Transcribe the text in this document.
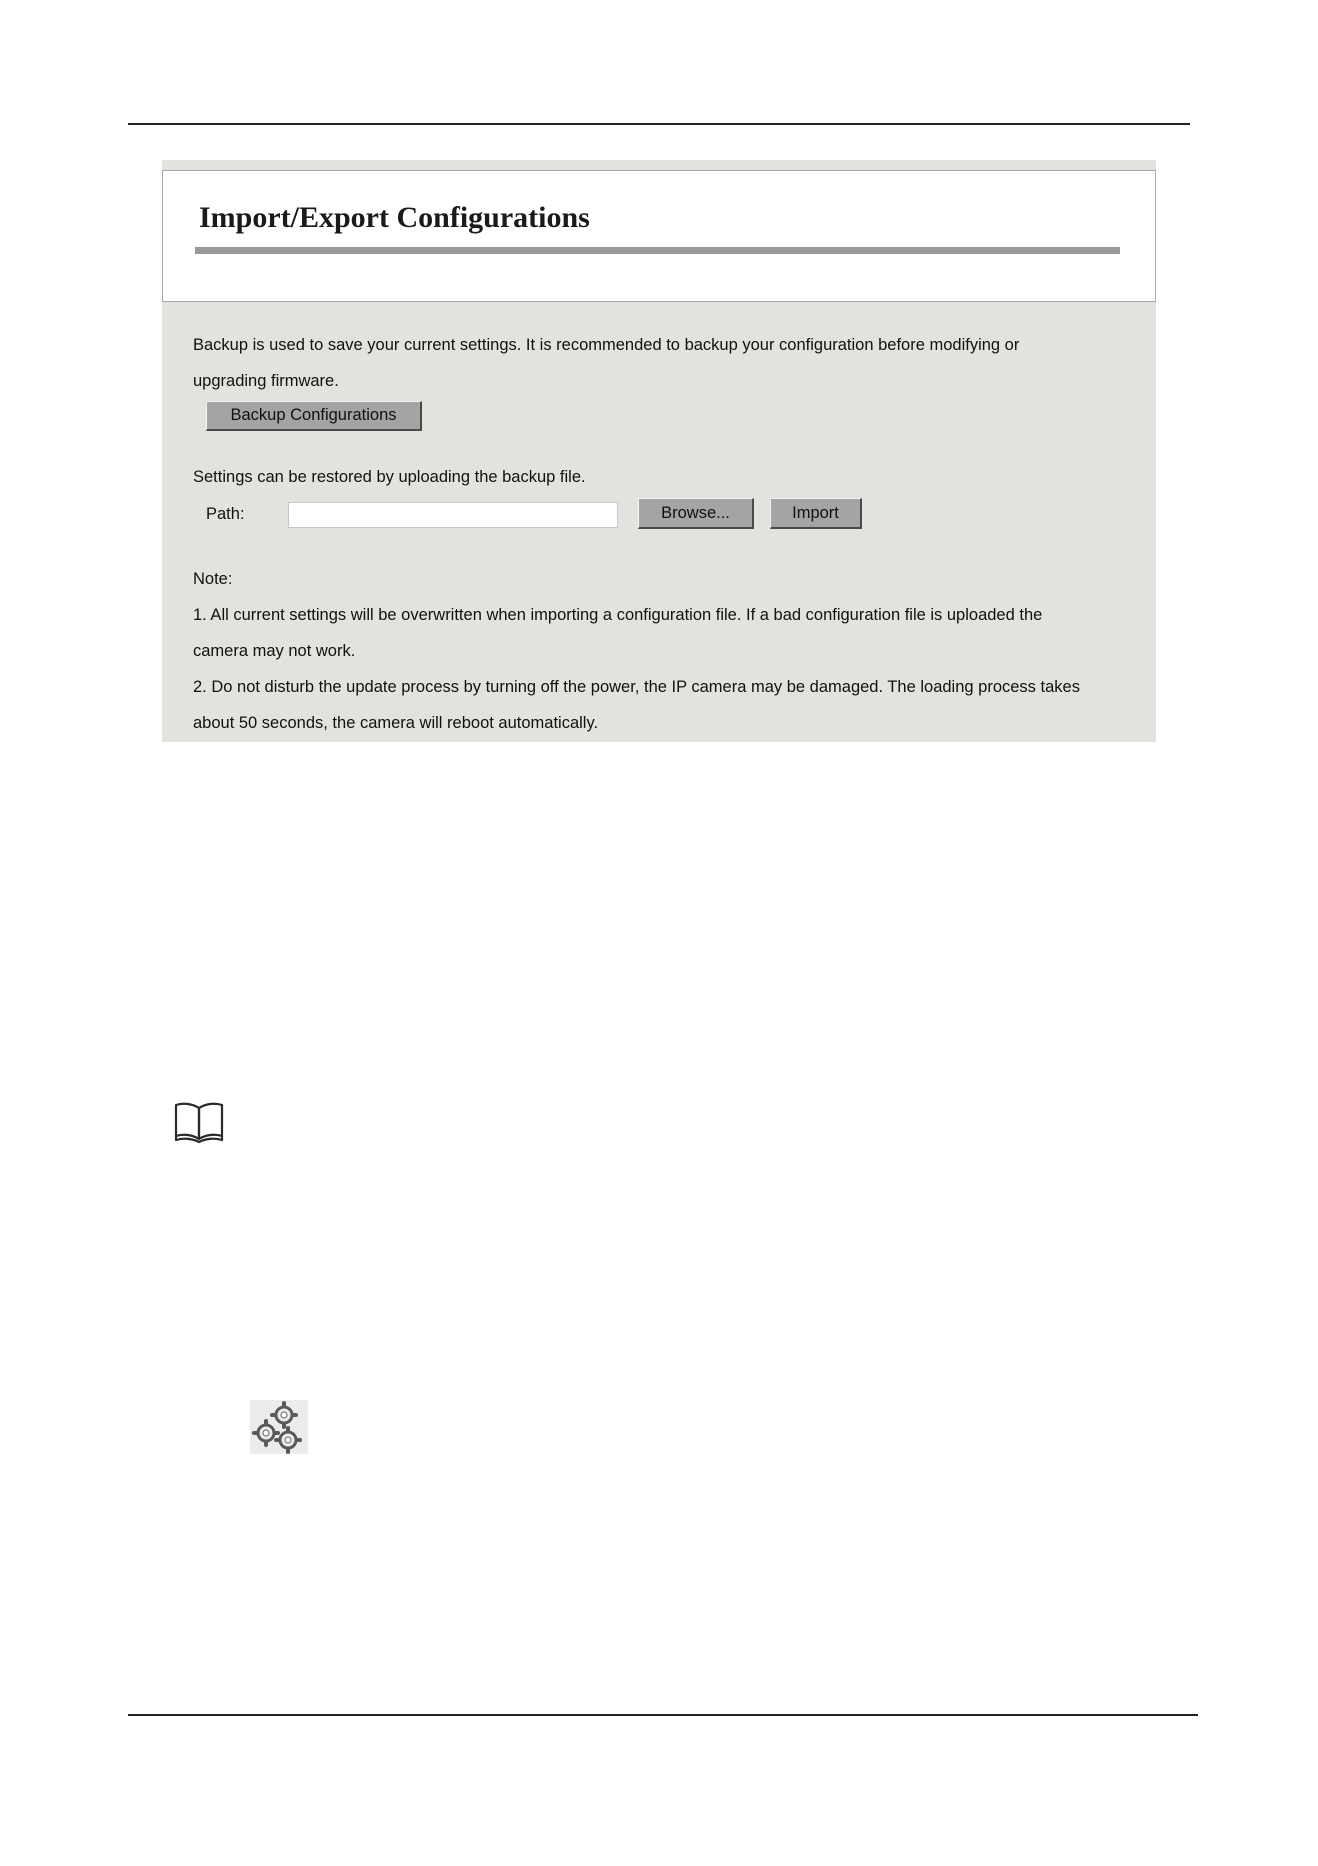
Import/Export Configurations
Backup is used to save your current settings. It is recommended to backup your configuration before modifying or
upgrading firmware.
Backup Configurations
Settings can be restored by uploading the backup file.
Path:	Browse...	Import
Note:
1. All current settings will be overwritten when importing a configuration file. If a bad configuration file is uploaded the
camera may not work.
2. Do not disturb the update process by turning off the power, the IP camera may be damaged. The loading process takes
about 50 seconds, the camera will reboot automatically.
